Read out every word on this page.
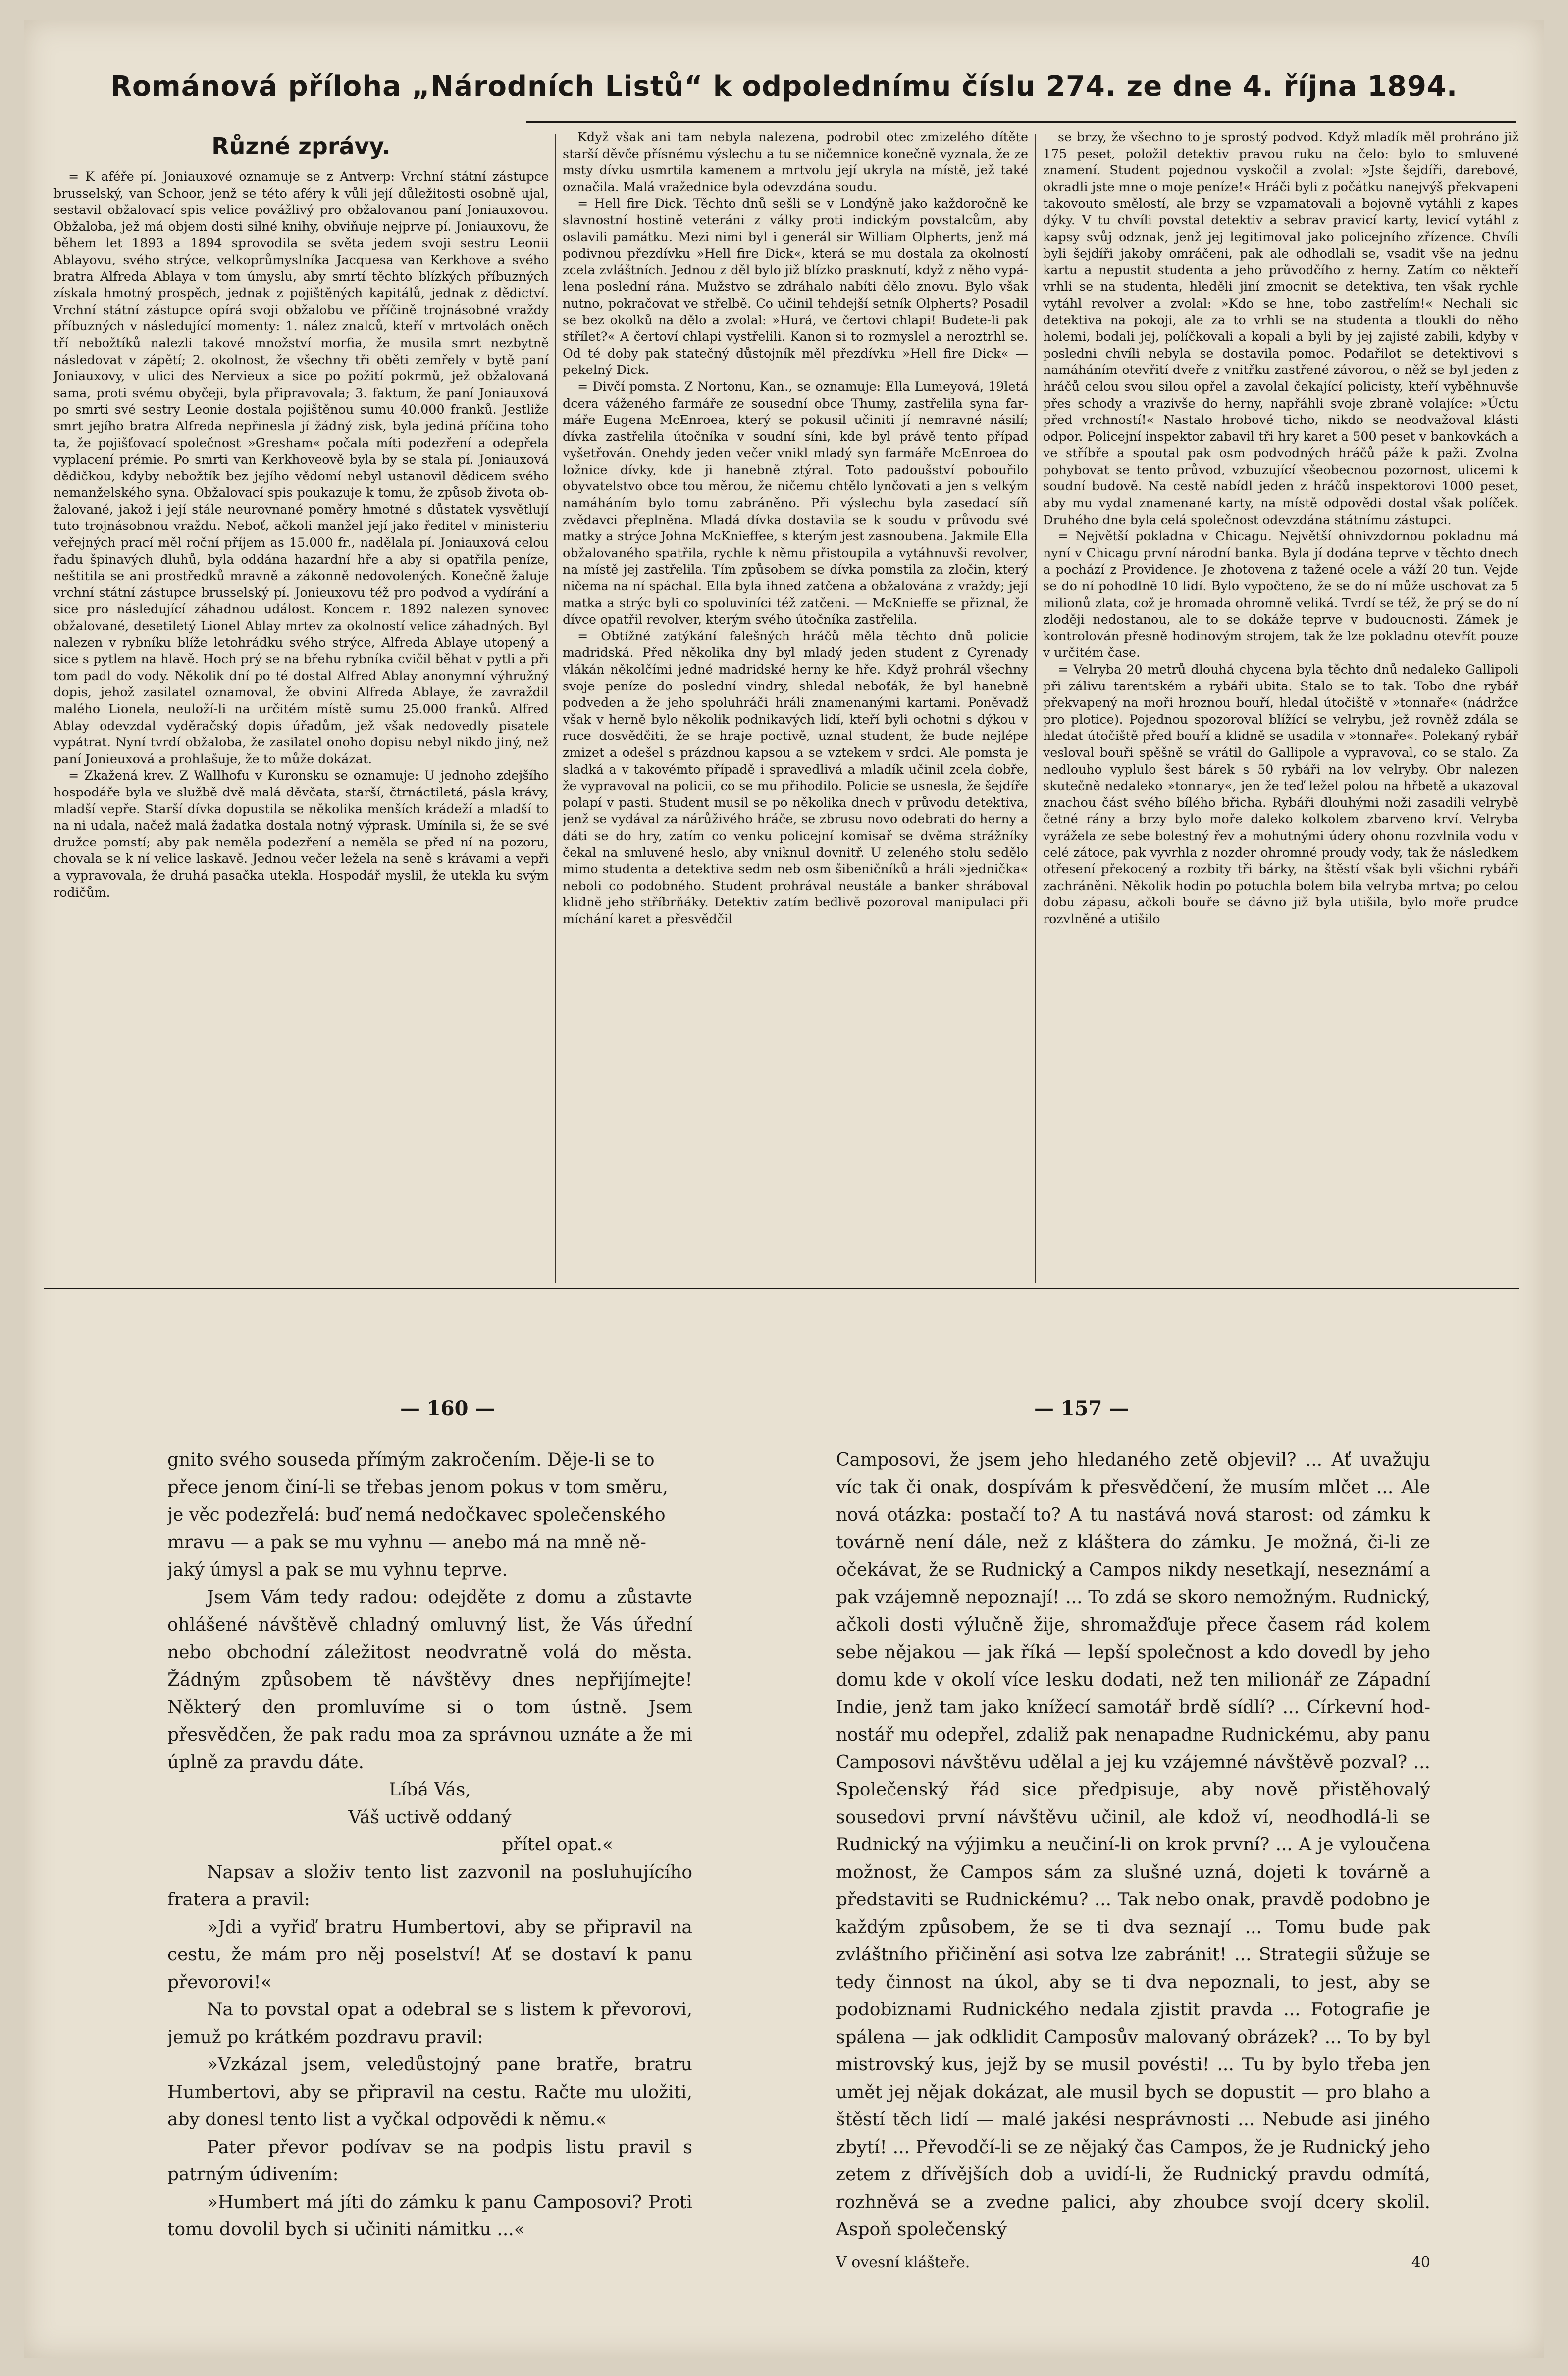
Románová příloha „Národních Listů“ k odpolednímu číslu 274. ze dne 4. října 1894.
Různé zprávy.

= K aféře pí. Joniauxové oznamuje se z Antverp: Vrchní státní zástupce brusselský, van Schoor, jenž se této aféry k vůli její důležitosti osobně ujal, sestavil obžalovací spis velice povážlivý pro obžalovanou paní Joniauxovou. Obžaloba, jež má objem dosti silné knihy, obviňuje nejprve pí. Joniauxovu, že během let 1893 a 1894 sprovodila se světa jedem svoji sestru Leonii Ablayovu, svého strýce, velkoprůmyslníka Jacquesa van Kerkhove a svého bratra Alfreda Ablaya v tom úmyslu, aby smrtí těchto blízkých příbuzných získala hmotný prospěch, jednak z pojištěných kapitálů, jednak z dědictví. Vrchní státní zástupce opírá svoji obžalobu ve příčině trojnásobné vraždy příbuzných v následující momenty: 1. nález znalců, kteří v mrtvolách oněch tří nebožtíků nalezli takové množství morfia, že musila smrt nezbytně následovat v zápětí; 2. okolnost, že všechny tři oběti zemřely v bytě paní Joniauxovy, v ulici des Nervieux a sice po požití pokrmů, jež obžalovaná sama, proti svému obyčeji, byla připravovala; 3. faktum, že paní Joniauxová po smrti své sestry Leonie dostala pojištěnou sumu 40.000 franků. Jestliže smrt jejího bratra Alfreda nepřinesla jí žádný zisk, byla jediná příčina toho ta, že pojišťovací společnost »Gresham« počala míti podezření a odepřela vyplacení prémie. Po smrti van Kerkhoveově byla by se stala pí. Joniauxová dědičkou, kdyby nebožtík bez jejího vědomí nebyl ustanovil dědicem svého nemanželského syna. Obžalovací spis poukazuje k tomu, že způsob života obžalované, jakož i její stále neurovnané poměry hmotné s důstatek vysvětlují tuto trojnásobnou vraždu. Neboť, ačkoli manžel její jako ředitel v ministeriu veřejných prací měl roční příjem as 15.000 fr., nadělala pí. Joniauxová celou řadu špinavých dluhů, byla oddána hazardní hře a aby si opatřila peníze, neštitila se ani prostředků mravně a zákonně nedovolených. Konečně žaluje vrchní státní zástupce brusselský pí. Jonieuxovu též pro podvod a vydírání a sice pro následující záhadnou událost. Koncem r. 1892 nalezen synovec obžalované, desetiletý Lionel Ablay mrtev za okolností velice záhadných. Byl nalezen v rybníku blíže letohrádku svého strýce, Alfreda Ablaye utopený a sice s pytlem na hlavě. Hoch prý se na břehu rybníka cvičil běhat v pytli a při tom padl do vody. Několik dní po té dostal Alfred Ablay anonymní výhružný dopis, jehož zasilatel oznamoval, že obvini Alfreda Ablaye, že zavraždil malého Lionela, neuloží-li na určitém místě sumu 25.000 franků. Alfred Ablay odevzdal vyděračský dopis úřadům, jež však nedovedly pisatele vypátrat. Nyní tvrdí obžaloba, že zasilatel onoho dopisu nebyl nikdo jiný, než paní Jonieuxová a prohlašuje, že to může dokázat.

= Zkažená krev. Z Wallhofu v Kuronsku se oznamuje: U jednoho zdejšího hospodáře byla ve službě dvě malá děvčata, starší, čtrnáctiletá, pásla krávy, mladší vepře. Starší dívka dopustila se několika menších krádeží a mladší to na ni udala, načež malá žadatka dostala notný výprask. Umínila si, že se své družce pomstí; aby pak neměla podezření a neměla se před ní na pozoru, chovala se k ní velice laskavě. Jednou večer ležela na seně s krávami a vepři a vypravovala, že druhá pasačka utekla. Hospodář myslil, že utekla ku svým rodičům.

Když však ani tam nebyla nalezena, podrobil otec zmizelého dítěte starší děvče přísnému výslechu a tu se ničemnice konečně vyznala, že ze msty dívku usmrtila kamenem a mrtvolu její ukryla na místě, jež také označila. Malá vražednice byla odevzdána soudu.

= Hell fire Dick. Těchto dnů sešli se v Londýně jako každoročně ke slavnostní hostině veteráni z války proti indickým povstalcům, aby oslavili památku. Mezi nimi byl i generál sir William Olpherts, jenž má podivnou přezdívku »Hell fire Dick«, která se mu dostala za okolností zcela zvláštních. Jednou z děl bylo již blízko prasknutí, když z něho vypálena poslední rána. Mužstvo se zdráhalo nabíti dělo znovu. Bylo však nutno, pokračovat ve střelbě. Co učinil tehdejší setník Olpherts? Posadil se bez okolků na dělo a zvolal: »Hurá, ve čertovi chlapi! Budete-li pak střílet?« A čertoví chlapi vystřelili. Kanon si to rozmyslel a neroztrhl se. Od té doby pak statečný důstojník měl přezdívku »Hell fire Dick« — pekelný Dick.

= Divčí pomsta. Z Nortonu, Kan., se oznamuje: Ella Lumeyová, 19letá dcera váženého farmáře ze sousední obce Thumy, zastřelila syna farmáře Eugena McEnroea, který se pokusil učiniti jí nemravné násilí; dívka zastřelila útočníka v soudní síni, kde byl právě tento případ vyšetřován. Onehdy jeden večer vnikl mladý syn farmáře McEnroea do ložnice dívky, kde ji hanebně ztýral. Toto padoušství pobouřilo obyvatelstvo obce tou měrou, že ničemu chtělo lynčovati a jen s velkým namáháním bylo tomu zabráněno. Při výslechu byla zasedací síň zvědavci přeplněna. Mladá dívka dostavila se k soudu v průvodu své matky a strýce Johna McKnieffee, s kterým jest zasnoubena. Jakmile Ella obžalovaného spatřila, rychle k němu přistoupila a vytáhnuvši revolver, na místě jej zastřelila. Tím způsobem se dívka pomstila za zločin, který ničema na ní spáchal. Ella byla ihned zatčena a obžalována z vraždy; její matka a strýc byli co spoluviníci též zatčeni. — McKnieffe se přiznal, že dívce opatřil revolver, kterým svého útočníka zastřelila.

= Obtížné zatýkání falešných hráčů měla těchto dnů policie madridská. Před několika dny byl mladý jeden student z Cyrenady vlákán několčími jedné madridské herny ke hře. Když prohrál všechny svoje peníze do poslední vindry, shledal neboťák, že byl hanebně podveden a že jeho spoluhráči hráli znamenanými kartami. Poněvadž však v herně bylo několik podnikavých lidí, kteří byli ochotni s dýkou v ruce dosvědčiti, že se hraje poctivě, uznal student, že bude nejlépe zmizet a odešel s prázdnou kapsou a se vztekem v srdci. Ale pomsta je sladká a v takovémto případě i spravedlivá a mladík učinil zcela dobře, že vypravoval na policii, co se mu přihodilo. Policie se usnesla, že šejdíře polapí v pasti. Student musil se po několika dnech v průvodu detektiva, jenž se vydával za nárůživého hráče, se zbrusu novo odebrati do herny a dáti se do hry, zatím co venku policejní komisař se dvěma strážníky čekal na smluvené heslo, aby vniknul dovnitř. U zeleného stolu sedělo mimo studenta a detektiva sedm neb osm šibeničníků a hráli »jednička« neboli co podobného. Student prohrával neustále a banker shráboval klidně jeho stříbrňáky. Detektiv zatím bedlivě pozoroval manipulaci při míchání karet a přesvědčil

se brzy, že všechno to je sprostý podvod. Když mladík měl prohráno již 175 peset, položil detektiv pravou ruku na čelo: bylo to smluvené znamení. Student pojednou vyskočil a zvolal: »Jste šejdíři, darebové, okradli jste mne o moje peníze!« Hráči byli z počátku nanejvýš překvapeni takovouto smělostí, ale brzy se vzpamatovali a bojovně vytáhli z kapes dýky. V tu chvíli povstal detektiv a sebrav pravicí karty, levicí vytáhl z kapsy svůj odznak, jenž jej legitimoval jako policejního zřízence. Chvíli byli šejdíři jakoby omráčeni, pak ale odhodlali se, vsadit vše na jednu kartu a nepustit studenta a jeho průvodčího z herny. Zatím co někteří vrhli se na studenta, hleděli jiní zmocnit se detektiva, ten však rychle vytáhl revolver a zvolal: »Kdo se hne, tobo zastřelím!« Nechali sic detektiva na pokoji, ale za to vrhli se na studenta a tloukli do něho holemi, bodali jej, políčkovali a kopali a byli by jej zajisté zabili, kdyby v posledni chvíli nebyla se dostavila pomoc. Podařilot se detektivovi s namáháním otevřití dveře z vnitřku zastřené závorou, o něž se byl jeden z hráčů celou svou silou opřel a zavolal čekající policisty, kteří vyběhnuvše přes schody a vrazivše do herny, napřáhli svoje zbraně volajíce: »Úctu před vrchností!« Nastalo hrobové ticho, nikdo se neodvažoval klásti odpor. Policejní inspektor zabavil tři hry karet a 500 peset v bankovkách a ve stříbře a spoutal pak osm podvodných hráčů páže k paži. Zvolna pohybovat se tento průvod, vzbuzující všeobecnou pozornost, ulicemi k soudní budově. Na cestě nabídl jeden z hráčů inspektorovi 1000 peset, aby mu vydal znamenané karty, na místě odpovědi dostal však políček. Druhého dne byla celá společnost odevzdána státnímu zástupci.

= Největší pokladna v Chicagu. Největší ohnivzdornou pokladnu má nyní v Chicagu první národní banka. Byla jí dodána teprve v těchto dnech a pochází z Providence. Je zhotovena z tažené ocele a váží 20 tun. Vejde se do ní pohodlně 10 lidí. Bylo vypočteno, že se do ní může uschovat za 5 milionů zlata, což je hromada ohromně veliká. Tvrdí se též, že prý se do ní zloději nedostanou, ale to se dokáže teprve v budoucnosti. Zámek je kontrolován přesně hodinovým strojem, tak že lze pokladnu otevřít pouze v určitém čase.

= Velryba 20 metrů dlouhá chycena byla těchto dnů nedaleko Gallipoli při zálivu tarentském a rybáři ubita. Stalo se to tak. Tobo dne rybář překvapený na moři hroznou bouří, hledal útočiště v »tonnaře« (nádržce pro plotice). Pojednou spozoroval blížící se velrybu, jež rovněž zdála se hledat útočiště před bouří a klidně se usadila v »tonnaře«. Polekaný rybář vesloval bouři spěšně se vrátil do Gallipole a vypravoval, co se stalo. Za nedlouho vyplulo šest bárek s 50 rybáři na lov velryby. Obr nalezen skutečně nedaleko »tonnary«, jen že teď ležel polou na hřbetě a ukazoval znachou část svého bílého břicha. Rybáři dlouhými noži zasadili velrybě četné rány a brzy bylo moře daleko kolkolem zbarveno krví. Velryba vyrážela ze sebe bolestný řev a mohutnými údery ohonu rozvlnila vodu v celé zátoce, pak vyvrhla z nozder ohromné proudy vody, tak že následkem otřesení překocený a rozbity tři bárky, na štěstí však byli všichni rybáři zachráněni. Několik hodin po potuchla bolem bila velryba mrtva; po celou dobu zápasu, ačkoli bouře se dávno již byla utišila, bylo moře prudce rozvlněné a utišilo

— 160 —	— 157 —

gnito svého souseda přímým zakročením. Děje-li se to

přece jenom činí-li se třebas jenom pokus v tom směru,

je věc podezřelá: buď nemá nedočkavec společenského

mravu — a pak se mu vyhnu — anebo má na mně ně-

jaký úmysl a pak se mu vyhnu teprve.

Jsem Vám tedy radou: odejděte z domu a zůstavte ohlášené návštěvě chladný omluvný list, že Vás úřední nebo obchodní záležitost neodvratně volá do města. Žádným způsobem tě návštěvy dnes nepřijímejte! Některý den promluvíme si o tom ústně. Jsem přesvědčen, že pak radu moa za správnou uznáte a že mi úplně za pravdu dáte.

Líbá Vás,

Váš uctivě oddaný

přítel opat.«

Napsav a složiv tento list zazvonil na posluhujícího fratera a pravil:

»Jdi a vyřiď bratru Humbertovi, aby se připravil na cestu, že mám pro něj poselství! Ať se dostaví k panu převorovi!«

Na to povstal opat a odebral se s listem k převorovi, jemuž po krátkém pozdravu pravil:

»Vzkázal jsem, veledůstojný pane bratře, bratru Humbertovi, aby se připravil na cestu. Račte mu uložiti, aby donesl tento list a vyčkal odpovědi k němu.«

Pater převor podívav se na podpis listu pravil s patrným údivením:

»Humbert má jíti do zámku k panu Camposovi? Proti tomu dovolil bych si učiniti námitku ...«

Camposovi, že jsem jeho hledaného zetě objevil? ... Ať uvažuju víc tak či onak, dospívám k přesvědčení, že musím mlčet ... Ale nová otázka: postačí to? A tu nastává nová starost: od zámku k továrně není dále, než z kláštera do zámku. Je možná, či-li ze očekávat, že se Rudnický a Campos nikdy nesetkají, neseznámí a pak vzájemně nepoznají! ... To zdá se skoro nemožným. Rudnický, ačkoli dosti výlučně žije, shromažďuje přece časem rád kolem sebe nějakou — jak říká — lepší společnost a kdo dovedl by jeho domu kde v okolí více lesku dodati, než ten milionář ze Západní Indie, jenž tam jako knížecí samotář brdě sídlí? ... Církevní hodnostář mu odepřel, zdaliž pak nenapadne Rudnickému, aby panu Camposovi návštěvu udělal a jej ku vzájemné návštěvě pozval? ... Společenský řád sice předpisuje, aby nově přistěhovalý sousedovi první návštěvu učinil, ale kdož ví, neodhodlá-li se Rudnický na výjimku a neučiní-li on krok první? ... A je vyloučena možnost, že Campos sám za slušné uzná, dojeti k továrně a představiti se Rudnickému? ... Tak nebo onak, pravdě podobno je každým způsobem, že se ti dva seznají ... Tomu bude pak zvláštního přičinění asi sotva lze zabránit! ... Strategii sůžuje se tedy činnost na úkol, aby se ti dva nepoznali, to jest, aby se podobiznami Rudnického nedala zjistit pravda ... Fotografie je spálena — jak odklidit Camposův malovaný obrázek? ... To by byl mistrovský kus, jejž by se musil povésti! ... Tu by bylo třeba jen umět jej nějak dokázat, ale musil bych se dopustit — pro blaho a štěstí těch lidí — malé jakési nesprávnosti ... Nebude asi jiného zbytí! ... Převodčí-li se ze nějaký čas Campos, že je Rudnický jeho zetem z dřívějších dob a uvidí-li, že Rudnický pravdu odmítá, rozhněvá se a zvedne palici, aby zhoubce svojí dcery skolil. Aspoň společenský

V ovesní klášteře.	40
